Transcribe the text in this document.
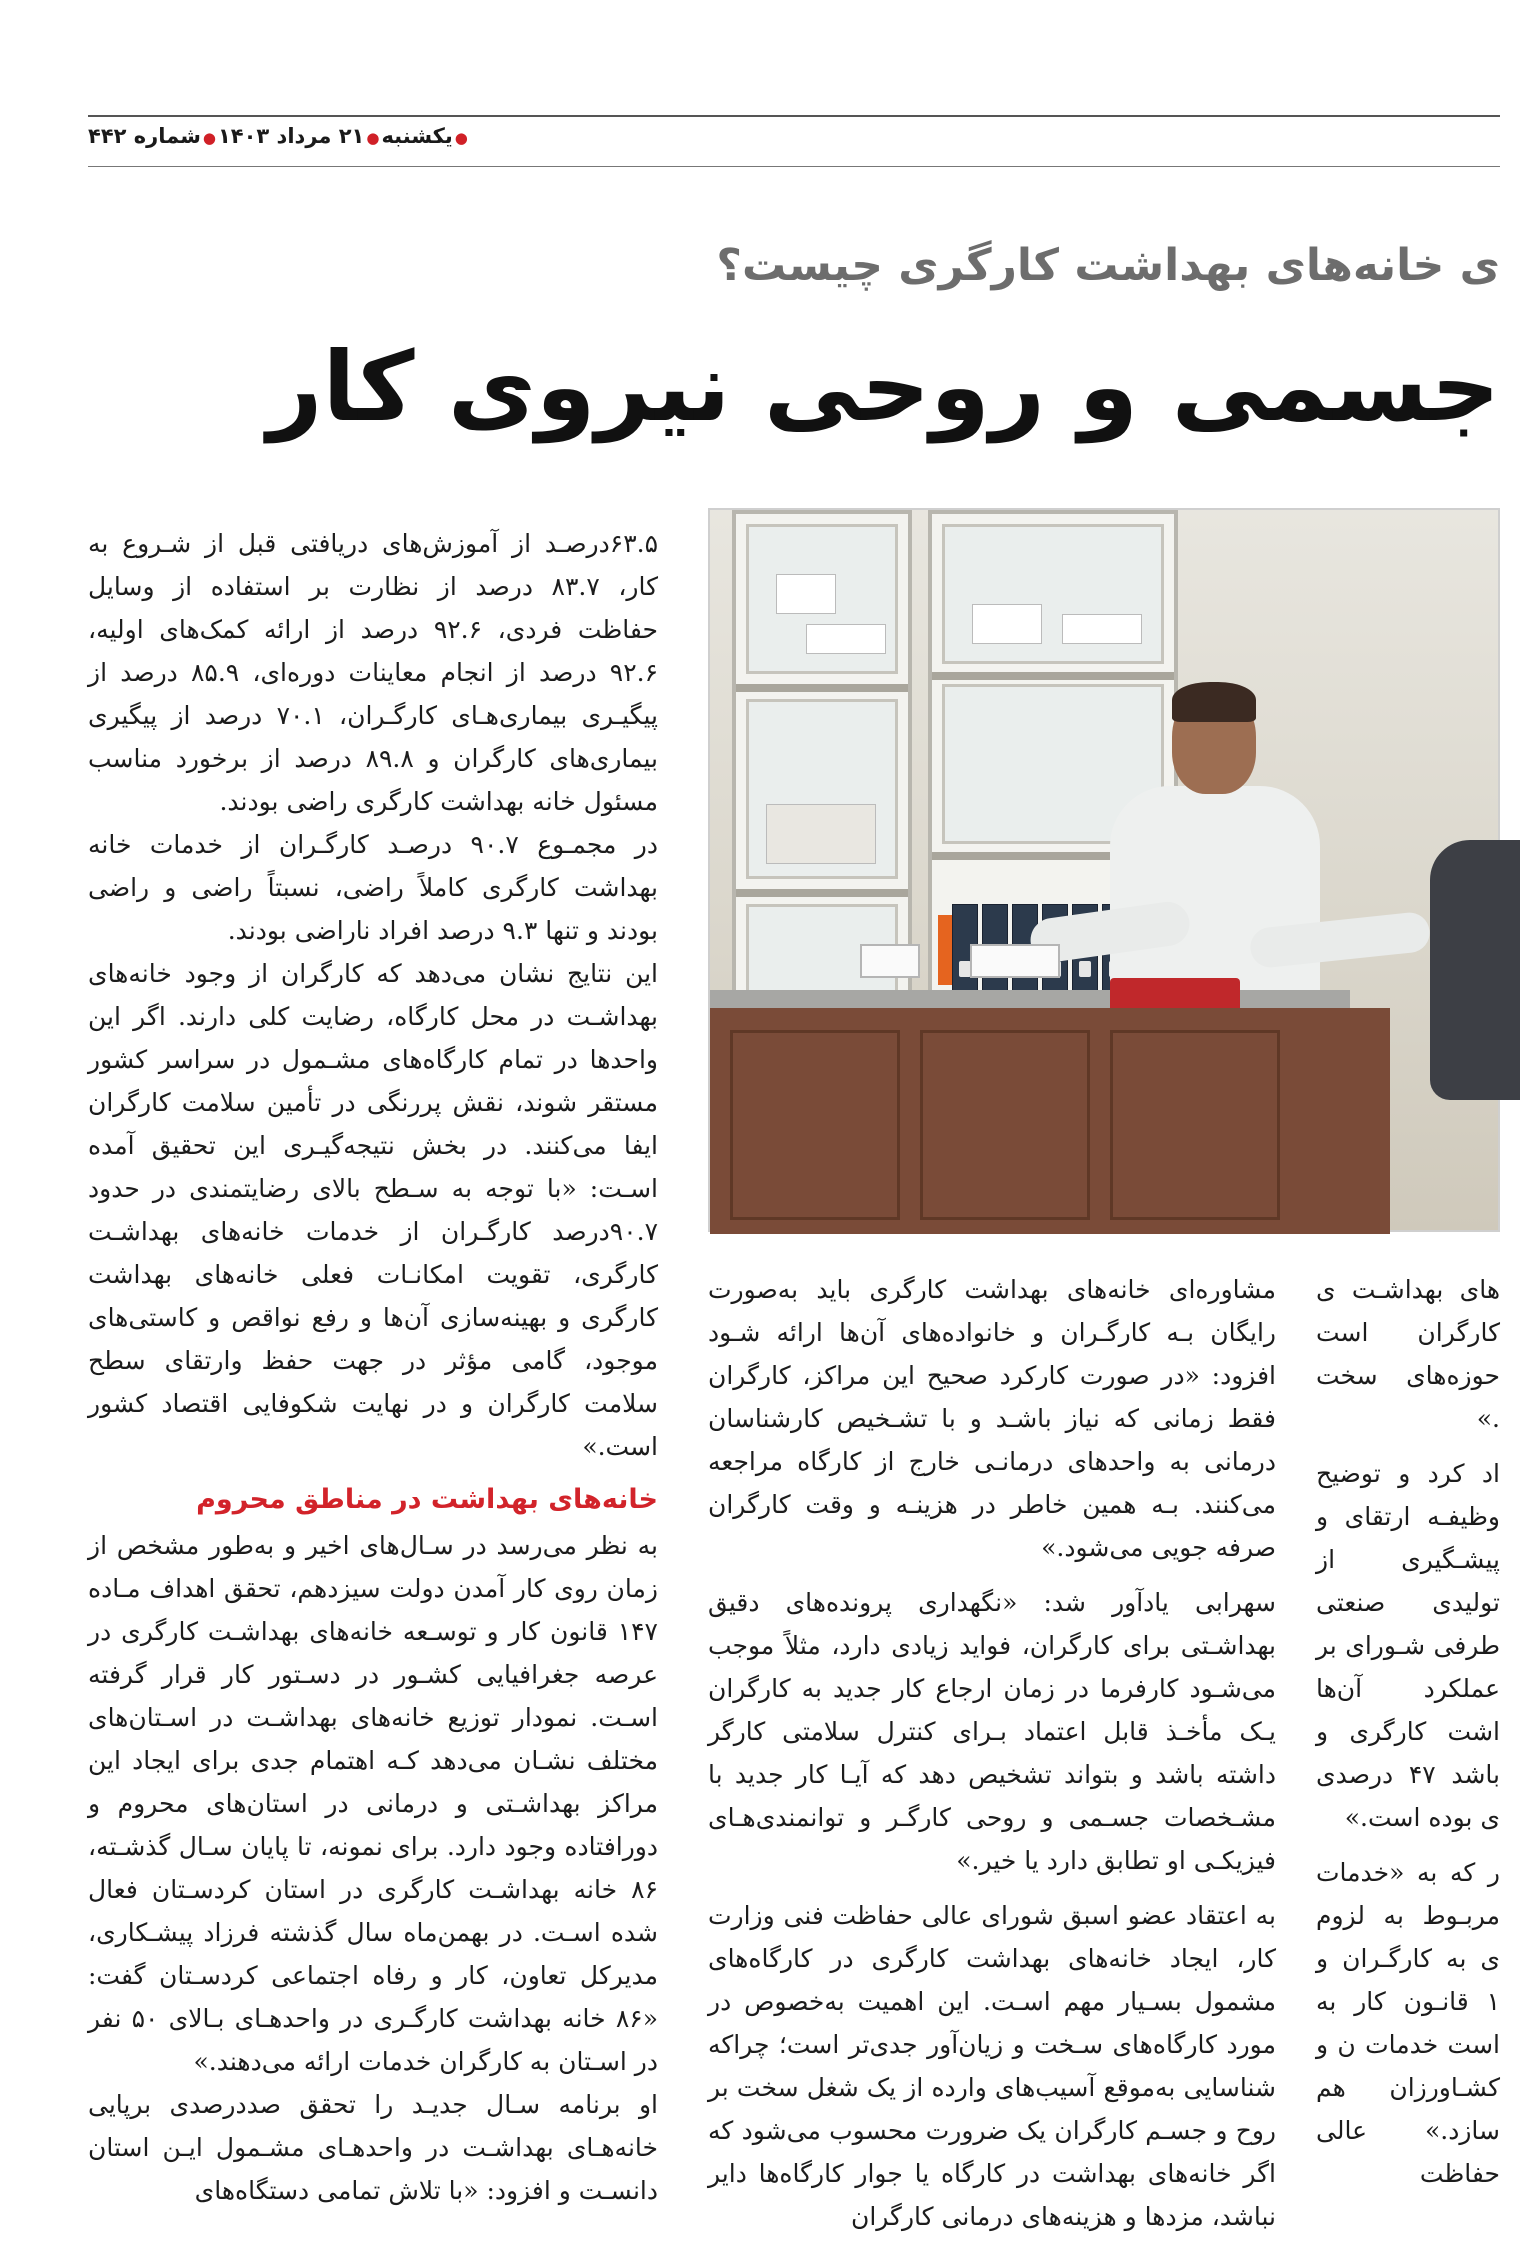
●یکشنبه●۲۱ مرداد ۱۴۰۳●شماره ۴۴۲
ی خانه‌های بهداشت کارگری چیست؟
جسمی و روحی نیروی کار

۶۳.۵درصـد از آموزش‌های دریافتی قبل از شـروع به کار، ۸۳.۷ درصد از نظارت بر استفاده از وسایل حفاظت فردی، ۹۲.۶ درصد از ارائه کمک‌های اولیه، ۹۲.۶ درصد از انجام معاینات دوره‌ای، ۸۵.۹ درصد از پیگیـری بیماری‌هـای کارگـران، ۷۰.۱ درصد از پیگیری بیماری‌های کارگران و ۸۹.۸ درصد از برخورد مناسب مسئول خانه بهداشت کارگری راضی بودند.

در مجمـوع ۹۰.۷ درصـد کارگـران از خدمات خانه بهداشت کارگری کاملاً راضی، نسبتاً راضی و راضی بودند و تنها ۹.۳ درصد افراد ناراضی بودند.

این نتایج نشان می‌دهد که کارگران از وجود خانه‌های بهداشـت در محل کارگاه، رضایت کلی دارند. اگر این واحدها در تمام کارگاه‌های مشـمول در سراسر کشور مستقر شوند، نقش پررنگی در تأمین سلامت کارگران ایفا می‌کنند. در بخش نتیجه‌گیـری این تحقیق آمده اسـت: «با توجه به سـطح بالای رضایتمندی در حدود ۹۰.۷درصد کارگـران از خدمات خانه‌های بهداشـت کارگری، تقویت امکانـات فعلی خانه‌های بهداشت کارگری و بهینه‌سازی آن‌ها و رفع نواقص و کاستی‌های موجود، گامی مؤثر در جهت حفظ وارتقای سطح سلامت کارگران و در نهایت شکوفایی اقتصاد کشور است.»

خانه‌های بهداشت در مناطق محروم

به نظر می‌رسد در سـال‌های اخیر و به‌طور مشخص از زمان روی کار آمدن دولت سیزدهم، تحقق اهداف مـاده ۱۴۷ قانون کار و توسـعه خانه‌های بهداشـت کارگری در عرصه جغرافیایی کشـور در دسـتور کار قرار گرفته اسـت. نمودار توزیع خانه‌های بهداشـت در اسـتان‌های مختلف نشـان می‌دهد کـه اهتمام جدی برای ایجاد این مراکز بهداشـتی و درمانی در استان‌های محروم و دورافتاده وجود دارد. برای نمونه، تا پایان سـال گذشـته، ۸۶ خانه بهداشـت کارگری در استان کردسـتان فعال شده اسـت. در بهمن‌ماه سال گذشته فرزاد پیشـکاری، مدیرکل تعاون، کار و رفاه اجتماعی کردسـتان گفت: «۸۶ خانه بهداشت کارگـری در واحدهـای بـالای ۵۰ نفر در اسـتان به کارگران خدمات ارائه می‌دهند.»

او برنامه سـال جدیـد را تحقق صددرصدی برپایی خانه‌هـای بهداشـت در واحدهـای مشـمول ایـن استان دانسـت و افزود: «با تلاش تمامی دستگاه‌های

مشاوره‌ای خانه‌های بهداشت کارگری باید به‌صورت رایگان بـه کارگـران و خانواده‌های آن‌ها ارائه شـود افزود: «در صورت کارکرد صحیح این مراکز، کارگران فقط زمانی که نیاز باشـد و با تشـخیص کارشناسان درمانی به واحدهای درمانـی خارج از کارگاه مراجعه می‌کنند. بـه همین خاطر در هزینـه و وقت کارگران صرفه جویی می‌شود.»

سهرابی یادآور شد: «نگهداری پرونده‌های دقیق بهداشـتی برای کارگران، فواید زیادی دارد، مثلاً موجب می‌شـود کارفرما در زمان ارجاع کار جدید به کارگران یـک مأخـذ قابل اعتماد بـرای کنترل سلامتی کارگر داشته باشد و بتواند تشخیص دهد که آیـا کار جدید با مشـخصات جسـمی و روحی کارگـر و توانمندی‌هـای فیزیکـی او تطابق دارد یا خیر.»

به اعتقاد عضو اسبق شورای عالی حفاظت فنی وزارت کار، ایجاد خانه‌های بهداشت کارگری در کارگاه‌های مشمول بسـیار مهم اسـت. این اهمیت به‌خصوص در مورد کارگاه‌های سـخت و زیان‌آور جدی‌تر است؛ چراکه شناسایی به‌موقع آسیب‌های وارده از یک شغل سخت بر روح و جسـم کارگران یک ضرورت محسوب می‌شود که اگر خانه‌های بهداشت در کارگاه یا جوار کارگاه‌ها دایر نباشد، مزدها و هزینه‌های درمانی کارگران

های بهداشـت ی کارگران است حوزه‌های سخت .»

اد کرد و توضیح وظیفـه ارتقای و پیشـگیری از تولیدی صنعتی طرفی شـورای بر عملکرد آن‌ها اشت کارگری و باشد ۴۷ درصدی ی بوده است.»

ر که به «خدمات مربـوط به لزوم ی به کارگـران و ۱ قانـون کار به است خدمات ن و کشـاورزان هم سازد.» عالی حفاظت
